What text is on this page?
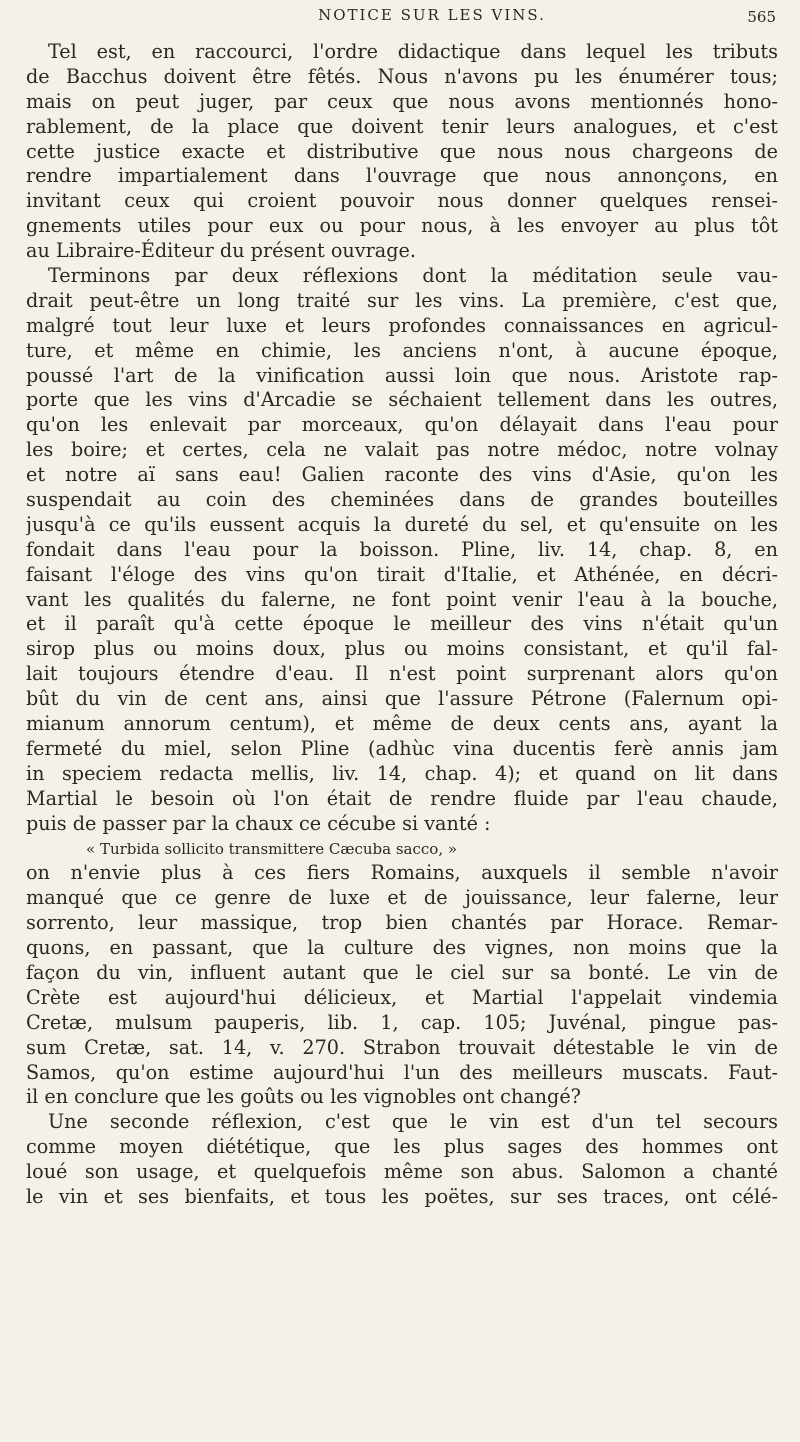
NOTICE SUR LES VINS.	565
Tel est, en raccourci, l'ordre didactique dans lequel les tributs
de Bacchus doivent être fêtés. Nous n'avons pu les énumérer tous;
mais on peut juger, par ceux que nous avons mentionnés hono-
rablement, de la place que doivent tenir leurs analogues, et c'est
cette justice exacte et distributive que nous nous chargeons de
rendre impartialement dans l'ouvrage que nous annonçons, en
invitant ceux qui croient pouvoir nous donner quelques rensei-
gnements utiles pour eux ou pour nous, à les envoyer au plus tôt
au Libraire-Éditeur du présent ouvrage.
Terminons par deux réflexions dont la méditation seule vau-
drait peut-être un long traité sur les vins. La première, c'est que,
malgré tout leur luxe et leurs profondes connaissances en agricul-
ture, et même en chimie, les anciens n'ont, à aucune époque,
poussé l'art de la vinification aussi loin que nous. Aristote rap-
porte que les vins d'Arcadie se séchaient tellement dans les outres,
qu'on les enlevait par morceaux, qu'on délayait dans l'eau pour
les boire; et certes, cela ne valait pas notre médoc, notre volnay
et notre aï sans eau! Galien raconte des vins d'Asie, qu'on les
suspendait au coin des cheminées dans de grandes bouteilles
jusqu'à ce qu'ils eussent acquis la dureté du sel, et qu'ensuite on les
fondait dans l'eau pour la boisson. Pline, liv. 14, chap. 8, en
faisant l'éloge des vins qu'on tirait d'Italie, et Athénée, en décri-
vant les qualités du falerne, ne font point venir l'eau à la bouche,
et il paraît qu'à cette époque le meilleur des vins n'était qu'un
sirop plus ou moins doux, plus ou moins consistant, et qu'il fal-
lait toujours étendre d'eau. Il n'est point surprenant alors qu'on
bût du vin de cent ans, ainsi que l'assure Pétrone (Falernum opi-
mianum annorum centum), et même de deux cents ans, ayant la
fermeté du miel, selon Pline (adhùc vina ducentis ferè annis jam
in speciem redacta mellis, liv. 14, chap. 4); et quand on lit dans
Martial le besoin où l'on était de rendre fluide par l'eau chaude,
puis de passer par la chaux ce cécube si vanté :
« Turbida sollicito transmittere Cæcuba sacco, »
on n'envie plus à ces fiers Romains, auxquels il semble n'avoir
manqué que ce genre de luxe et de jouissance, leur falerne, leur
sorrento, leur massique, trop bien chantés par Horace. Remar-
quons, en passant, que la culture des vignes, non moins que la
façon du vin, influent autant que le ciel sur sa bonté. Le vin de
Crète est aujourd'hui délicieux, et Martial l'appelait vindemia
Cretæ, mulsum pauperis, lib. 1, cap. 105; Juvénal, pingue pas-
sum Cretæ, sat. 14, v. 270. Strabon trouvait détestable le vin de
Samos, qu'on estime aujourd'hui l'un des meilleurs muscats. Faut-
il en conclure que les goûts ou les vignobles ont changé?
Une seconde réflexion, c'est que le vin est d'un tel secours
comme moyen diététique, que les plus sages des hommes ont
loué son usage, et quelquefois même son abus. Salomon a chanté
le vin et ses bienfaits, et tous les poëtes, sur ses traces, ont célé-
